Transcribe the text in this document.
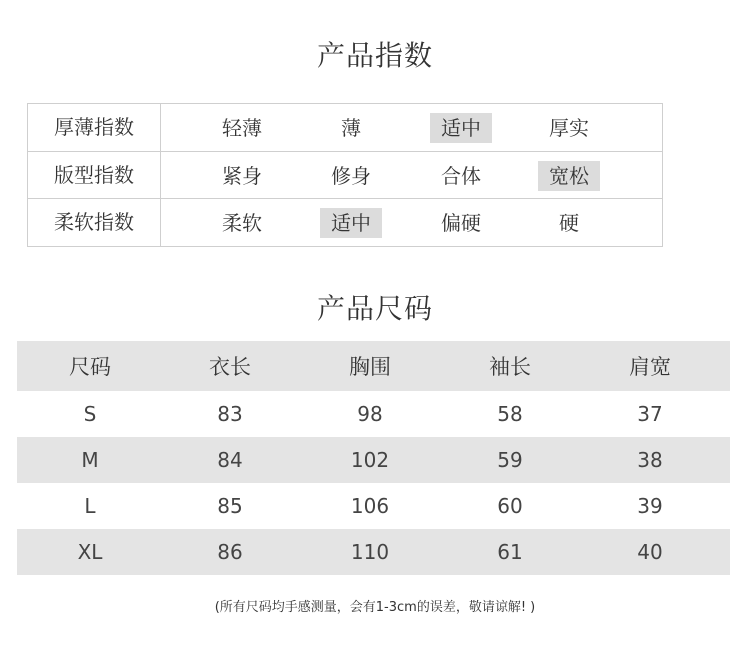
产品指数
厚薄指数	轻薄	薄	适中	厚实
版型指数	紧身	修身	合体	宽松
柔软指数	柔软	适中	偏硬	硬
产品尺码
尺码	衣长	胸围	袖长	肩宽
S	83	98	58	37
M	84	102	59	38
L	85	106	60	39
XL	86	110	61	40
(所有尺码均手感测量，会有1-3cm的误差，敬请谅解! )
